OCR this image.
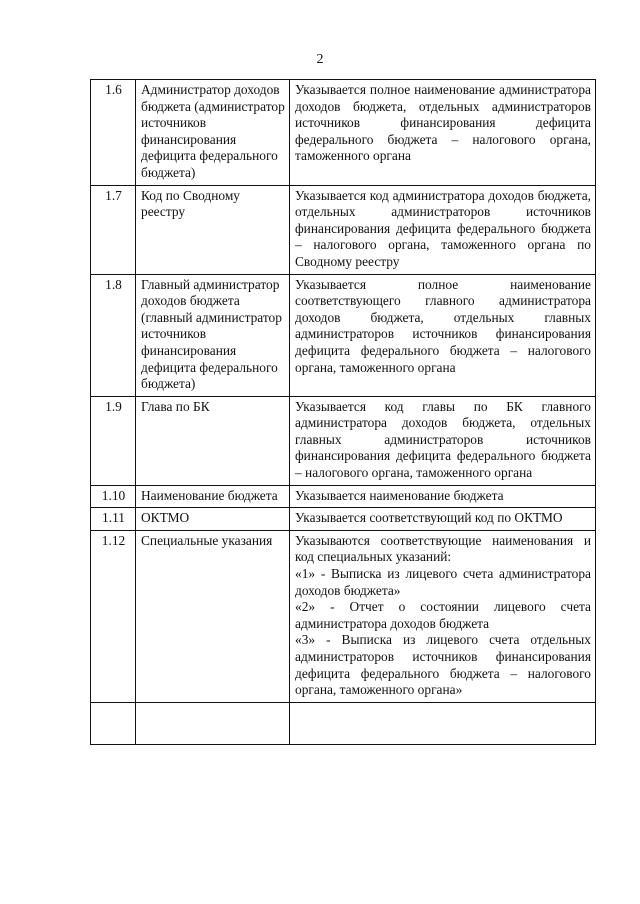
2
1.6	Администратор доходов бюджета (администратор источников финансирования дефицита федерального бюджета)	Указывается полное наименование администратора доходов бюджета, отдельных администраторов источников финансирования дефицита федерального бюджета – налогового органа, таможенного органа

1.7	Код по Сводному реестру	Указывается код администратора доходов бюджета, отдельных администраторов источников финансирования дефицита федерального бюджета – налогового органа, таможенного органа по Сводному реестру

1.8	Главный администратор доходов бюджета (главный администратор источников финансирования дефицита федерального бюджета)	Указывается полное наименование соответствующего главного администратора доходов бюджета, отдельных главных администраторов источников финансирования дефицита федерального бюджета – налогового органа, таможенного органа

1.9	Глава по БК	Указывается код главы по БК главного администратора доходов бюджета, отдельных главных администраторов источников финансирования дефицита федерального бюджета – налогового органа, таможенного органа

1.10	Наименование бюджета	Указывается наименование бюджета

1.11	ОКТМО	Указывается соответствующий код по ОКТМО

1.12	Специальные указания	Указываются соответствующие наименования и код специальных указаний:
«1» - Выписка из лицевого счета администратора доходов бюджета»
«2» - Отчет о состоянии лицевого счета администратора доходов бюджета
«3» - Выписка из лицевого счета отдельных администраторов источников финансирования дефицита федерального бюджета – налогового органа, таможенного органа»
